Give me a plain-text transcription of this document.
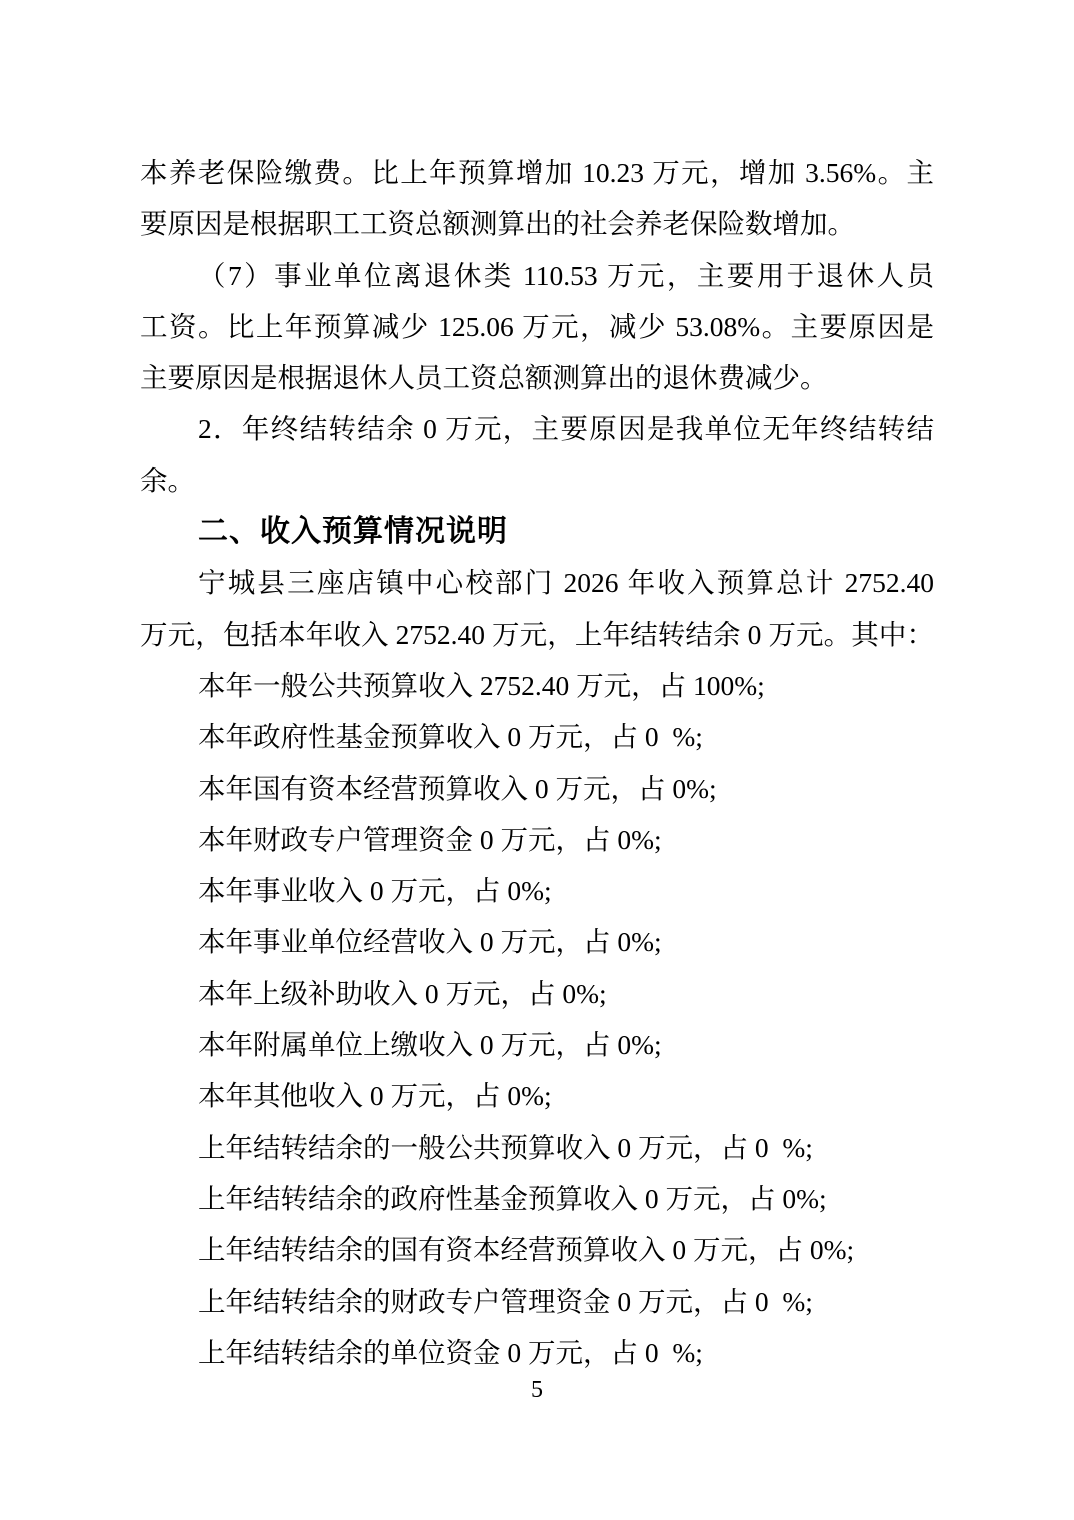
本养老保险缴费。比上年预算增加 10.23 万元，增加 3.56%。主
要原因是根据职工工资总额测算出的社会养老保险数增加。
（7）事业单位离退休类 110.53 万元，主要用于退休人员
工资。比上年预算减少 125.06 万元，减少 53.08%。主要原因是
主要原因是根据退休人员工资总额测算出的退休费减少。
2．年终结转结余 0 万元，主要原因是我单位无年终结转结
余。
二、收入预算情况说明
宁城县三座店镇中心校部门 2026 年收入预算总计 2752.40
万元，包括本年收入 2752.40 万元，上年结转结余 0 万元。其中：
本年一般公共预算收入 2752.40 万元，占 100%;
本年政府性基金预算收入 0 万元，占 0  %;
本年国有资本经营预算收入 0 万元，占 0%;
本年财政专户管理资金 0 万元，占 0%;
本年事业收入 0 万元，占 0%;
本年事业单位经营收入 0 万元，占 0%;
本年上级补助收入 0 万元，占 0%;
本年附属单位上缴收入 0 万元，占 0%;
本年其他收入 0 万元，占 0%;
上年结转结余的一般公共预算收入 0 万元，占 0  %;
上年结转结余的政府性基金预算收入 0 万元，占 0%;
上年结转结余的国有资本经营预算收入 0 万元，占 0%;
上年结转结余的财政专户管理资金 0 万元，占 0  %;
上年结转结余的单位资金 0 万元，占 0  %;
5
